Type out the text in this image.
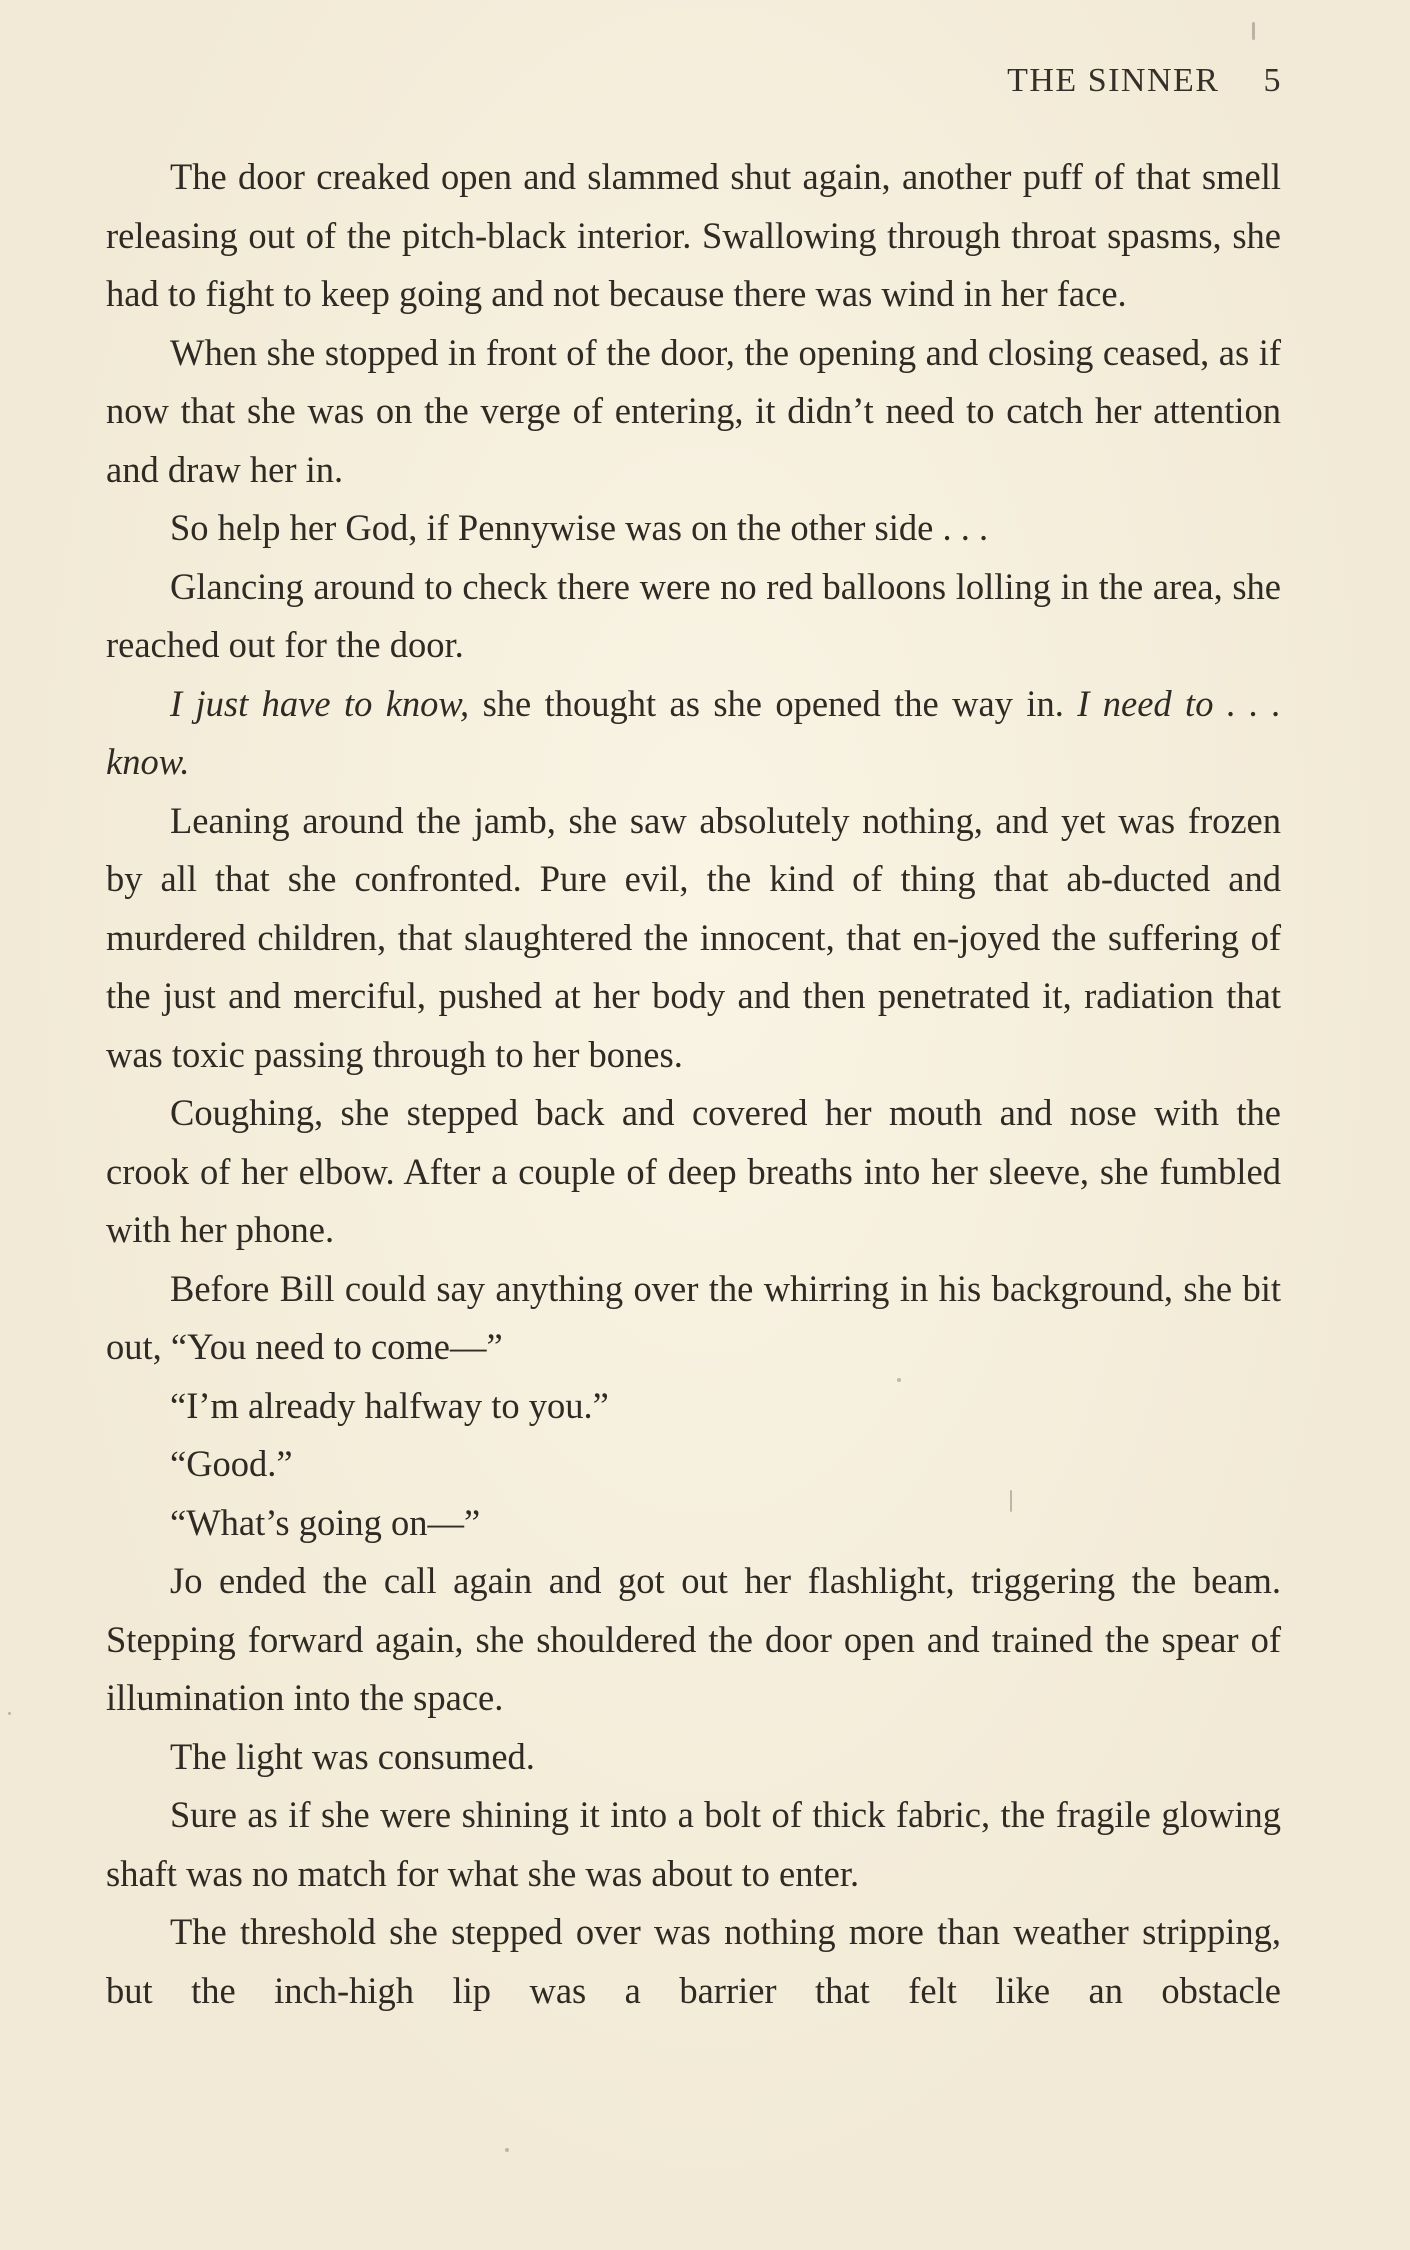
THE SINNER 5

The door creaked open and slammed shut again, another puff of that smell releasing out of the pitch-black interior. Swallowing through throat spasms, she had to fight to keep going and not because there was wind in her face.

When she stopped in front of the door, the opening and closing ceased, as if now that she was on the verge of entering, it didn’t need to catch her attention and draw her in.

So help her God, if Pennywise was on the other side . . .

Glancing around to check there were no red balloons lolling in the area, she reached out for the door.

I just have to know, she thought as she opened the way in. I need to . . . know.

Leaning around the jamb, she saw absolutely nothing, and yet was frozen by all that she confronted. Pure evil, the kind of thing that ab-ducted and murdered children, that slaughtered the innocent, that en-joyed the suffering of the just and merciful, pushed at her body and then penetrated it, radiation that was toxic passing through to her bones.

Coughing, she stepped back and covered her mouth and nose with the crook of her elbow. After a couple of deep breaths into her sleeve, she fumbled with her phone.

Before Bill could say anything over the whirring in his background, she bit out, “You need to come—”

“I’m already halfway to you.”

“Good.”

“What’s going on—”

Jo ended the call again and got out her flashlight, triggering the beam. Stepping forward again, she shouldered the door open and trained the spear of illumination into the space.

The light was consumed.

Sure as if she were shining it into a bolt of thick fabric, the fragile glowing shaft was no match for what she was about to enter.

The threshold she stepped over was nothing more than weather stripping, but the inch-high lip was a barrier that felt like an obstacle
